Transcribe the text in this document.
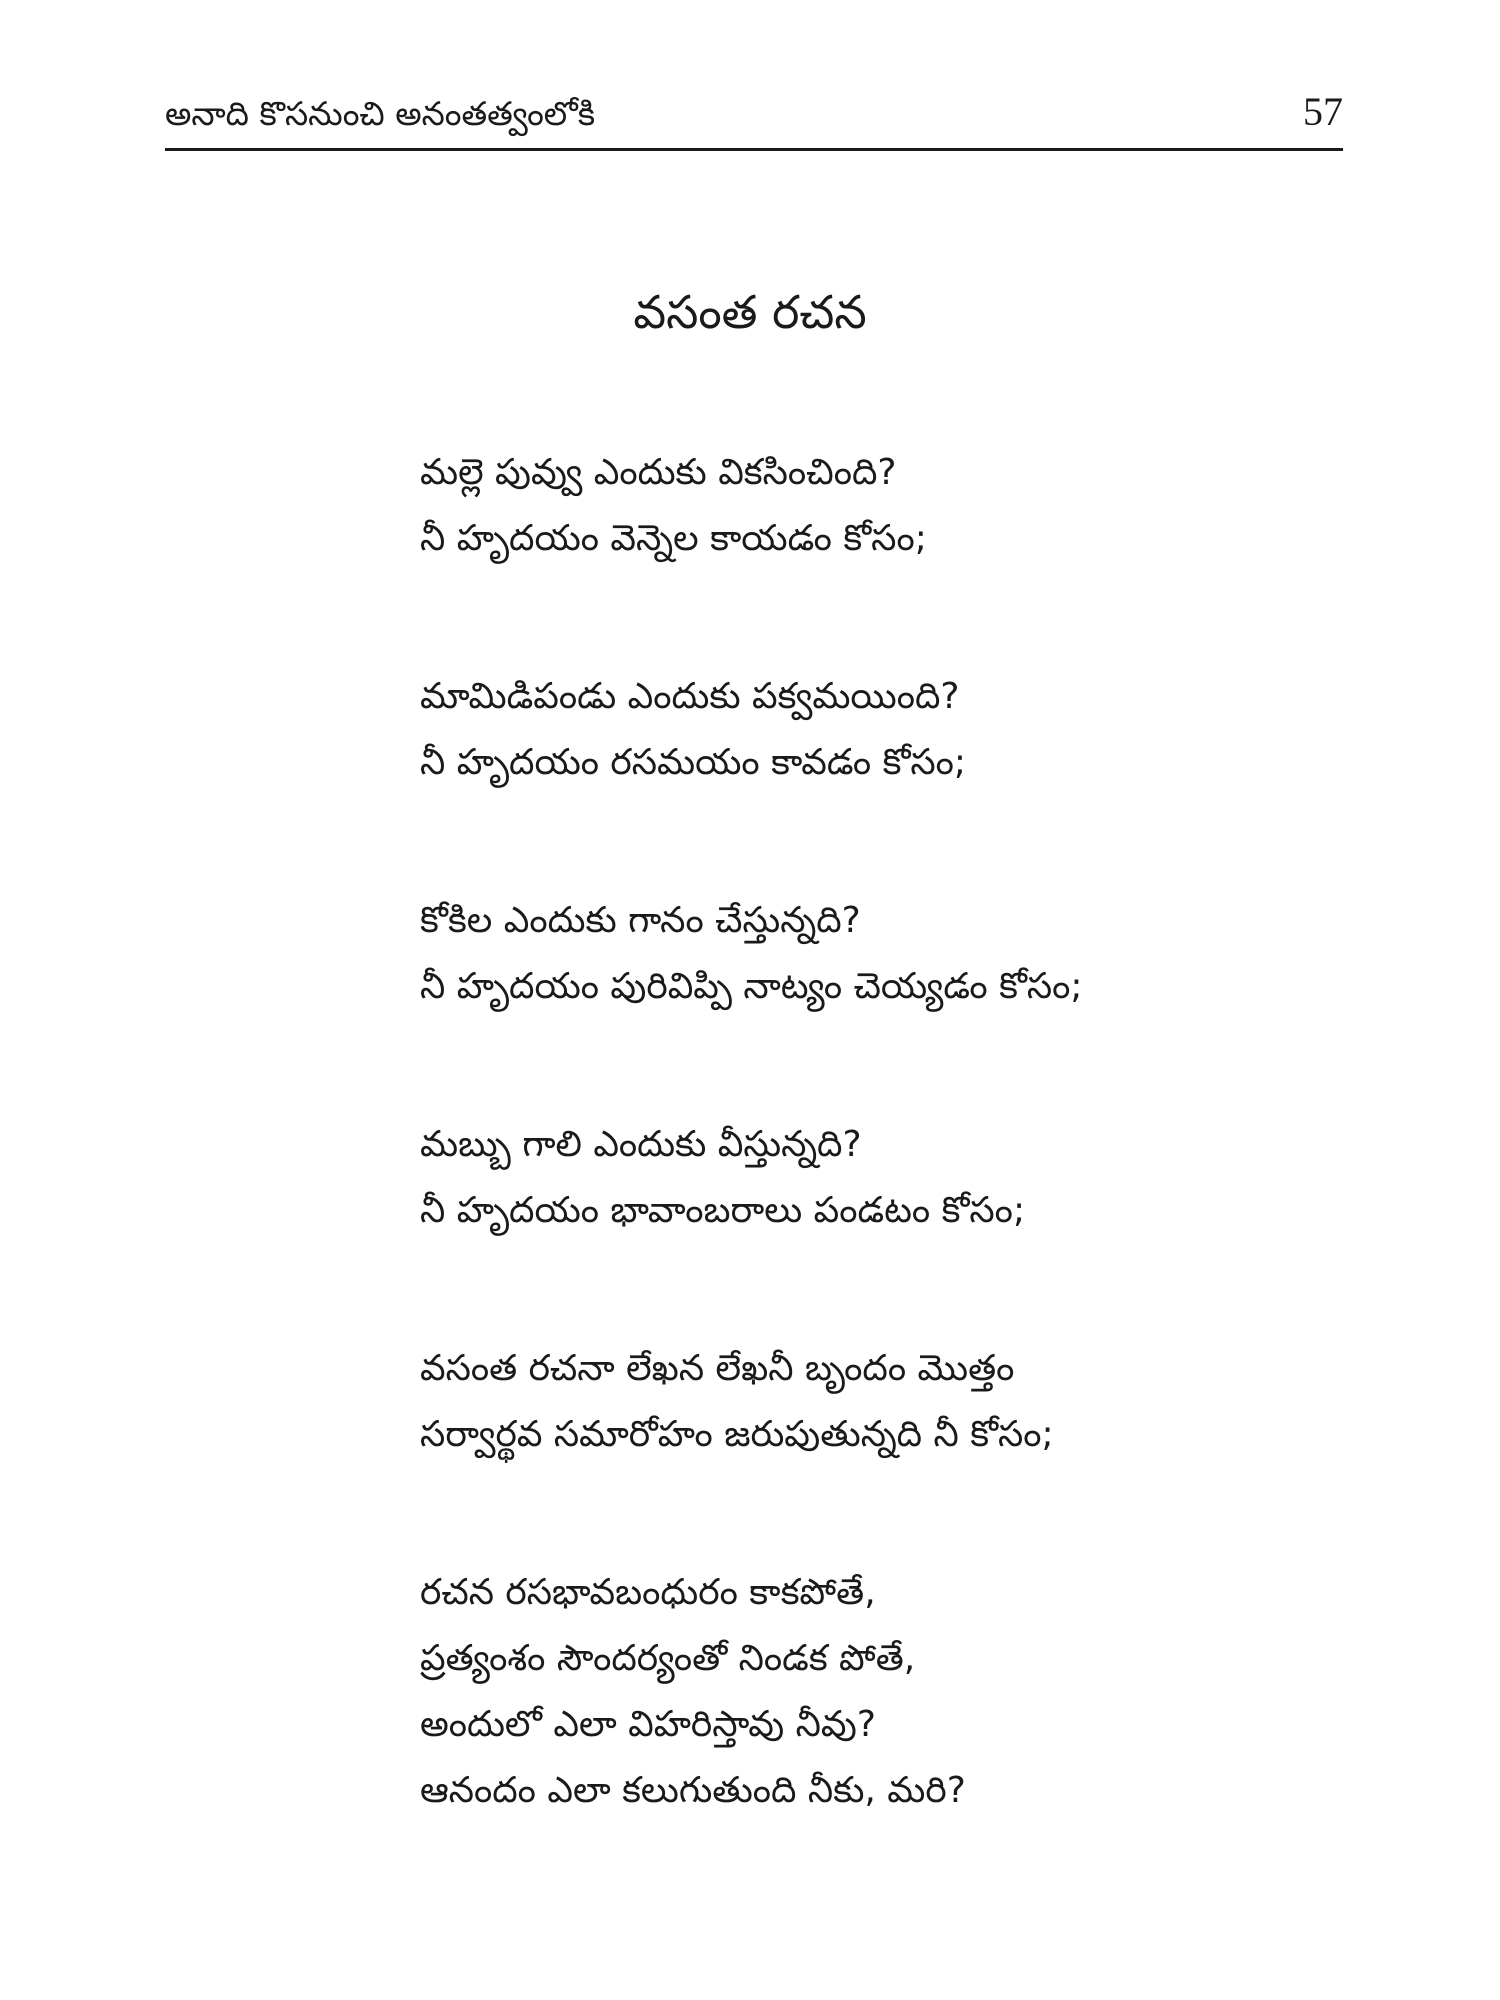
అనాది కొసనుంచి అనంతత్వంలోకి	57
వసంత రచన
మల్లె పువ్వు ఎందుకు వికసించింది?
నీ హృదయం వెన్నెల కాయడం కోసం;
మామిడిపండు ఎందుకు పక్వమయింది?
నీ హృదయం రసమయం కావడం కోసం;
కోకిల ఎందుకు గానం చేస్తున్నది?
నీ హృదయం పురివిప్పి నాట్యం చెయ్యడం కోసం;
మబ్బు గాలి ఎందుకు వీస్తున్నది?
నీ హృదయం భావాంబరాలు పండటం కోసం;
వసంత రచనా లేఖన లేఖనీ బృందం మొత్తం
సర్వార్థవ సమారోహం జరుపుతున్నది నీ కోసం;
రచన రసభావబంధురం కాకపోతే,
ప్రత్యంశం సౌందర్యంతో నిండక పోతే,
అందులో ఎలా విహరిస్తావు నీవు?
ఆనందం ఎలా కలుగుతుంది నీకు, మరి?
